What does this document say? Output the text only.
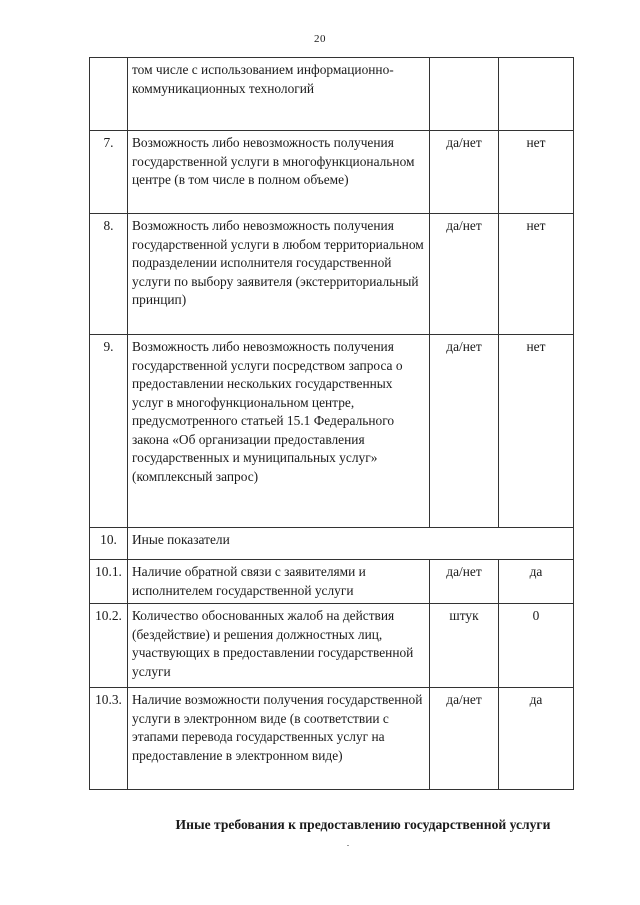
20
	том числе с использованием информационно-коммуникационных технологий		
7.	Возможность либо невозможность получения государственной услуги в многофункциональном центре (в том числе в полном объеме)	да/нет	нет
8.	Возможность либо невозможность получения государственной услуги в любом территориальном подразделении исполнителя государственной услуги по выбору заявителя (экстерриториальный принцип)	да/нет	нет
9.	Возможность либо невозможность получения государственной услуги посредством запроса о предоставлении нескольких государственных услуг в многофункциональном центре, предусмотренного статьей 15.1 Федерального закона «Об организации предоставления государственных и муниципальных услуг» (комплексный запрос)	да/нет	нет
10.	Иные показатели		
10.1.	Наличие обратной связи с заявителями и исполнителем государственной услуги	да/нет	да
10.2.	Количество обоснованных жалоб на действия (бездействие) и решения должностных лиц, участвующих в предоставлении государственной услуги	штук	0
10.3.	Наличие возможности получения государственной услуги в электронном виде (в соответствии с этапами перевода государственных услуг на предоставление в электронном виде)	да/нет	да
Иные требования к предоставлению государственной услуги
